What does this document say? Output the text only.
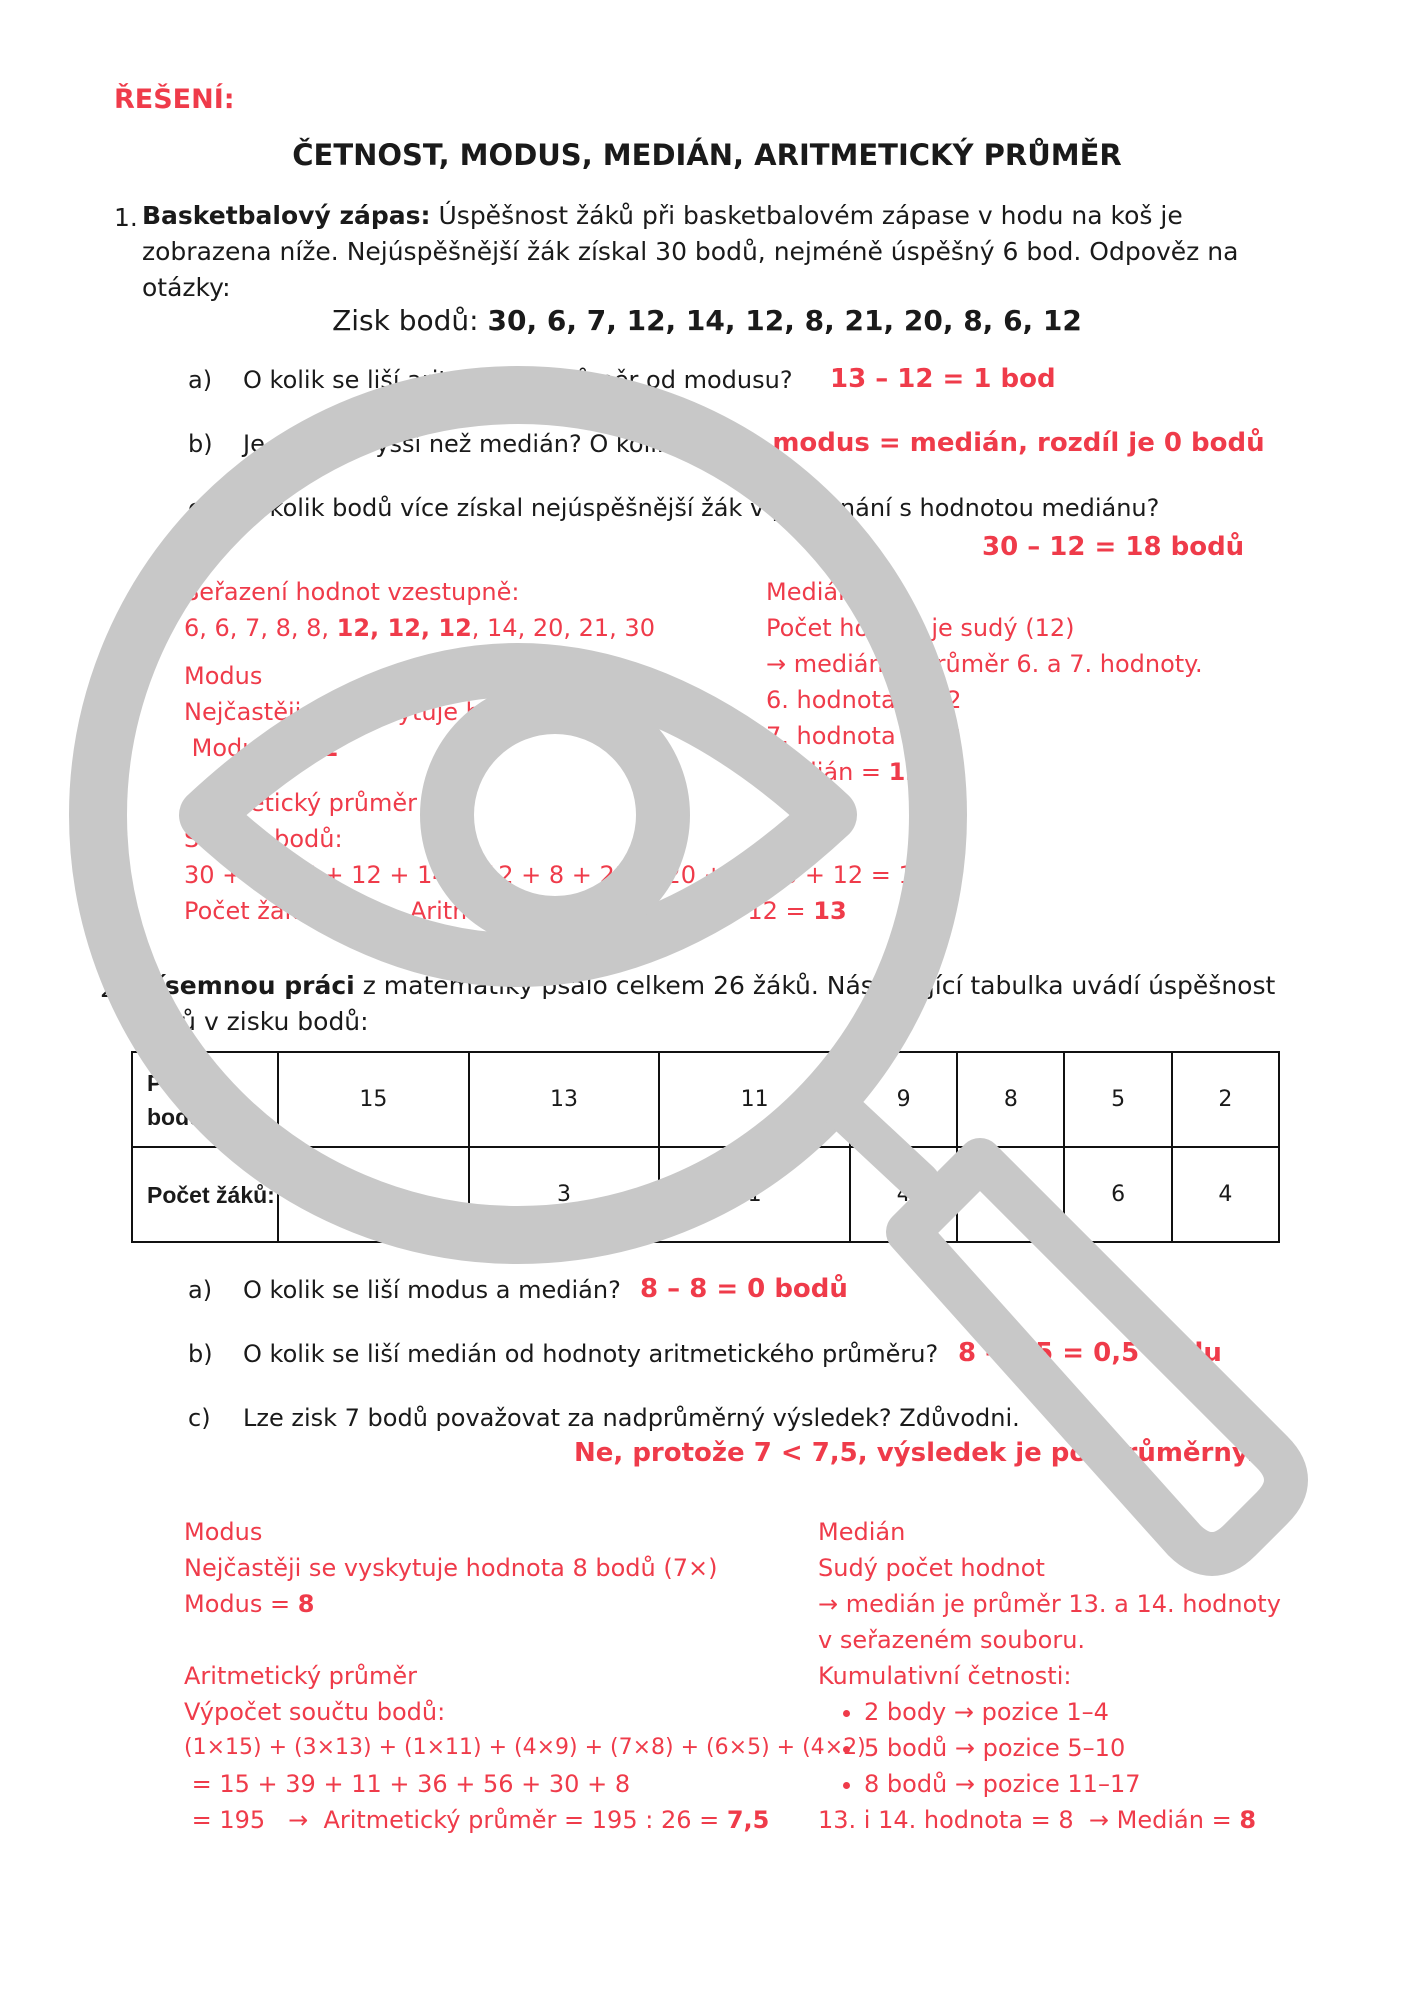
ŘEŠENÍ:
ČETNOST, MODUS, MEDIÁN, ARITMETICKÝ PRŮMĚR
1. Basketbalový zápas: Úspěšnost žáků při basketbalovém zápase v hodu na koš je zobrazena níže. Nejúspěšnější žák získal 30 bodů, nejméně úspěšný 6 bod. Odpověz na otázky:
Zisk bodů: 30, 6, 7, 12, 14, 12, 8, 21, 20, 8, 6, 12
a) O kolik se liší aritmetický průměr od modusu? 13 – 12 = 1 bod
b) Je modus vyšší než medián? O kolik? Ne, modus = medián, rozdíl je 0 bodů
c) O kolik bodů více získal nejúspěšnější žák v porovnání s hodnotou mediánu?
30 – 12 = 18 bodů
Seřazení hodnot vzestupně:
6, 6, 7, 8, 8, 12, 12, 12, 14, 20, 21, 30
Modus
Nejčastěji se vyskytuje hodnota 12 (3×).
Modus = 12
Aritmetický průměr
Součet bodů:
30 + 6 + 7 + 12 + 14 + 12 + 8 + 21 + 20 + 8 + 6 + 12 = 156
Počet žáků: 12  →  Aritmetický průměr = 156 : 12 = 13
Medián
Počet hodnot je sudý (12)
→ medián je průměr 6. a 7. hodnoty.
6. hodnota = 12
7. hodnota = 12
Medián = 12
2. Písemnou práci z matematiky psalo celkem 26 žáků. Následující tabulka uvádí úspěšnost žáků v zisku bodů:
Počet bodů:	15	13	11	9	8	5	2
Počet žáků:	1	3	1	4	7	6	4
a) O kolik se liší modus a medián? 8 – 8 = 0 bodů
b) O kolik se liší medián od hodnoty aritmetického průměru? 8 – 7,5 = 0,5 bodu
c) Lze zisk 7 bodů považovat za nadprůměrný výsledek? Zdůvodni.
Ne, protože 7 < 7,5, výsledek je podprůměrný.
Modus
Nejčastěji se vyskytuje hodnota 8 bodů (7×)
Modus = 8
Aritmetický průměr
Výpočet součtu bodů:
(1×15) + (3×13) + (1×11) + (4×9) + (7×8) + (6×5) + (4×2)
= 15 + 39 + 11 + 36 + 56 + 30 + 8
= 195   →  Aritmetický průměr = 195 : 26 = 7,5
Medián
Sudý počet hodnot
→ medián je průměr 13. a 14. hodnoty
v seřazeném souboru.
Kumulativní četnosti:
• 2 body → pozice 1–4
• 5 bodů → pozice 5–10
• 8 bodů → pozice 11–17
13. i 14. hodnota = 8  → Medián = 8
